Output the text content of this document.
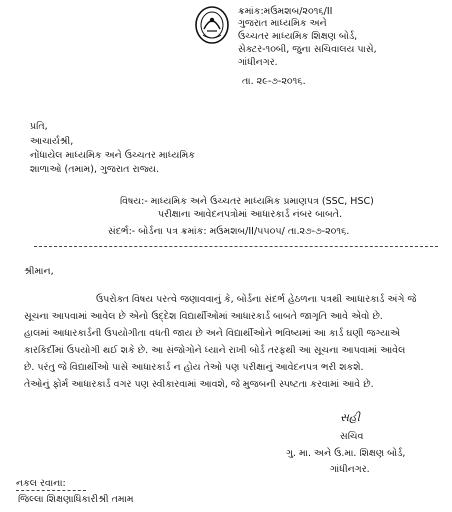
ક્રમાંક:મઉમશબ/૨૦૧૬/II
ગુજરાત માધ્યમિક અને
ઉચ્ચતર માધ્યમિક શિક્ષણ બોર્ડ,
સેક્ટર-૧૦બી, જુના સચિવાલય પાસે,
ગાંધીનગર.
તા. ૨૯-૭-૨૦૧૬.
પ્રતિ,
આચાર્યશ્રી,
નોંધાયેલ માધ્યમિક અને ઉચ્ચતર માધ્યમિક
શાળાઓ (તમામ), ગુજરાત રાજ્ય.
વિષય:- માધ્યમિક અને ઉચ્ચતર માધ્યમિક પ્રમાણપત્ર (SSC, HSC)
પરીક્ષાના આવેદનપત્રોમાં આધારકાર્ડ નંબર બાબતે.
સંદર્ભ:- બોર્ડના પત્ર ક્રમાંક: મઉમશબ/II/૫૫૦૫/ તા.૨૭-૭-૨૦૧૬.
શ્રીમાન,
ઉપરોક્ત વિષય પરત્વે જણાવવાનું કે, બોર્ડના સંદર્ભ હેઠળના પત્રથી આધારકાર્ડ અંગે જે
સૂચના આપવામાં આવેલ છે એનો ઉદ્દેશ વિદ્યાર્થીઓમાં આધારકાર્ડ બાબતે જાગૃતિ આવે એવો છે.
હાલમાં આધારકાર્ડની ઉપયોગીતા વધતી જાય છે અને વિદ્યાર્થીઓને ભવિષ્યમાં આ કાર્ડ ઘણી જગ્યાએ
કારકિર્દીમાં ઉપયોગી થઈ શકે છે. આ સંજોગોને ધ્યાને રાખી બોર્ડ તરફથી આ સૂચના આપવામાં આવેલ
છે. પરંતુ જે વિદ્યાર્થીઓ પાસે આધારકાર્ડ ન હોય તેઓ પણ પરીક્ષાનું આવેદનપત્ર ભરી શકશે.
તેઓનું ફોર્મ આધારકાર્ડ વગર પણ સ્વીકારવામાં આવશે, જે મુજબની સ્પષ્ટતા કરવામાં આવે છે.
સહી
સચિવ
ગુ. મા. અને ઉ.મા. શિક્ષણ બોર્ડ,
ગાંધીનગર.
નકલ રવાના:
જિલ્લા શિક્ષણાધિકારીશ્રી તમામ
